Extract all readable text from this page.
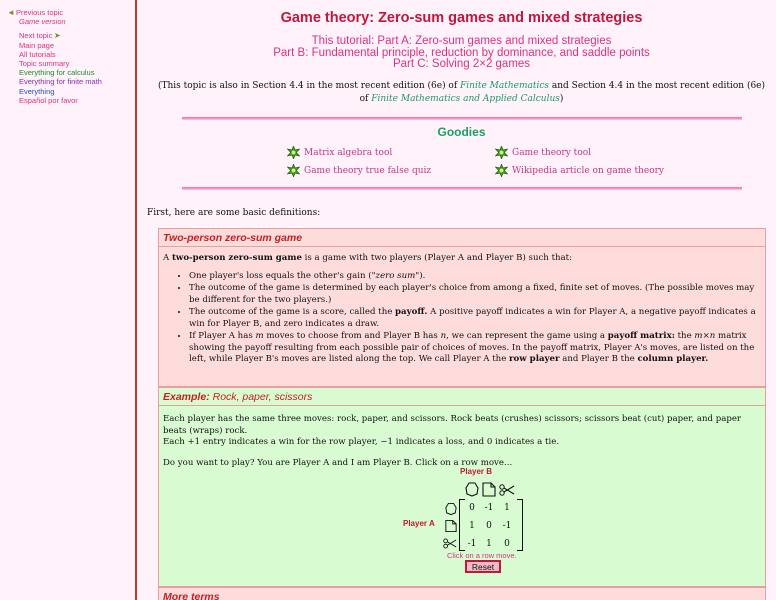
◄Previous topic
Game version
Next topic ➤
Main page
All tutorials
Topic summary
Everything for calculus
Everything for finite math
Everything
Español por favor
Game theory: Zero-sum games and mixed strategies
This tutorial: Part A: Zero-sum games and mixed strategies
Part B: Fundamental principle, reduction by dominance, and saddle points
Part C: Solving 2×2 games

(This topic is also in Section 4.4 in the most recent edition (6e) of Finite Mathematics and Section 4.4 in the most recent edition (6e) of Finite Mathematics and Applied Calculus)

Goodies
Matrix algebra tool	Game theory tool
Game theory true false quiz	Wikipedia article on game theory

First, here are some basic definitions:

Two-person zero-sum game

A two-person zero-sum game is a game with two players (Player A and Player B) such that:

• One player's loss equals the other's gain ("zero sum").
• The outcome of the game is determined by each player's choice from among a fixed, finite set of moves. (The possible moves may be different for the two players.)
• The outcome of the game is a score, called the payoff. A positive payoff indicates a win for Player A, a negative payoff indicates a win for Player B, and zero indicates a draw.
• If Player A has m moves to choose from and Player B has n, we can represent the game using a payoff matrix: the m×n matrix showing the payoff resulting from each possible pair of choices of moves. In the payoff matrix, Player A's moves, are listed on the left, while Player B's moves are listed along the top. We call Player A the row player and Player B the column player.
Example: Rock, paper, scissors

Each player has the same three moves: rock, paper, and scissors. Rock beats (crushes) scissors; scissors beat (cut) paper, and paper beats (wraps) rock.

Each +1 entry indicates a win for the row player, −1 indicates a loss, and 0 indicates a tie.

Do you want to play? You are Player A and I am Player B. Click on a row move...

Player B
Player A
0	-1	1
1	0	-1
-1	1	0
Click on a row move.
Reset
More terms
